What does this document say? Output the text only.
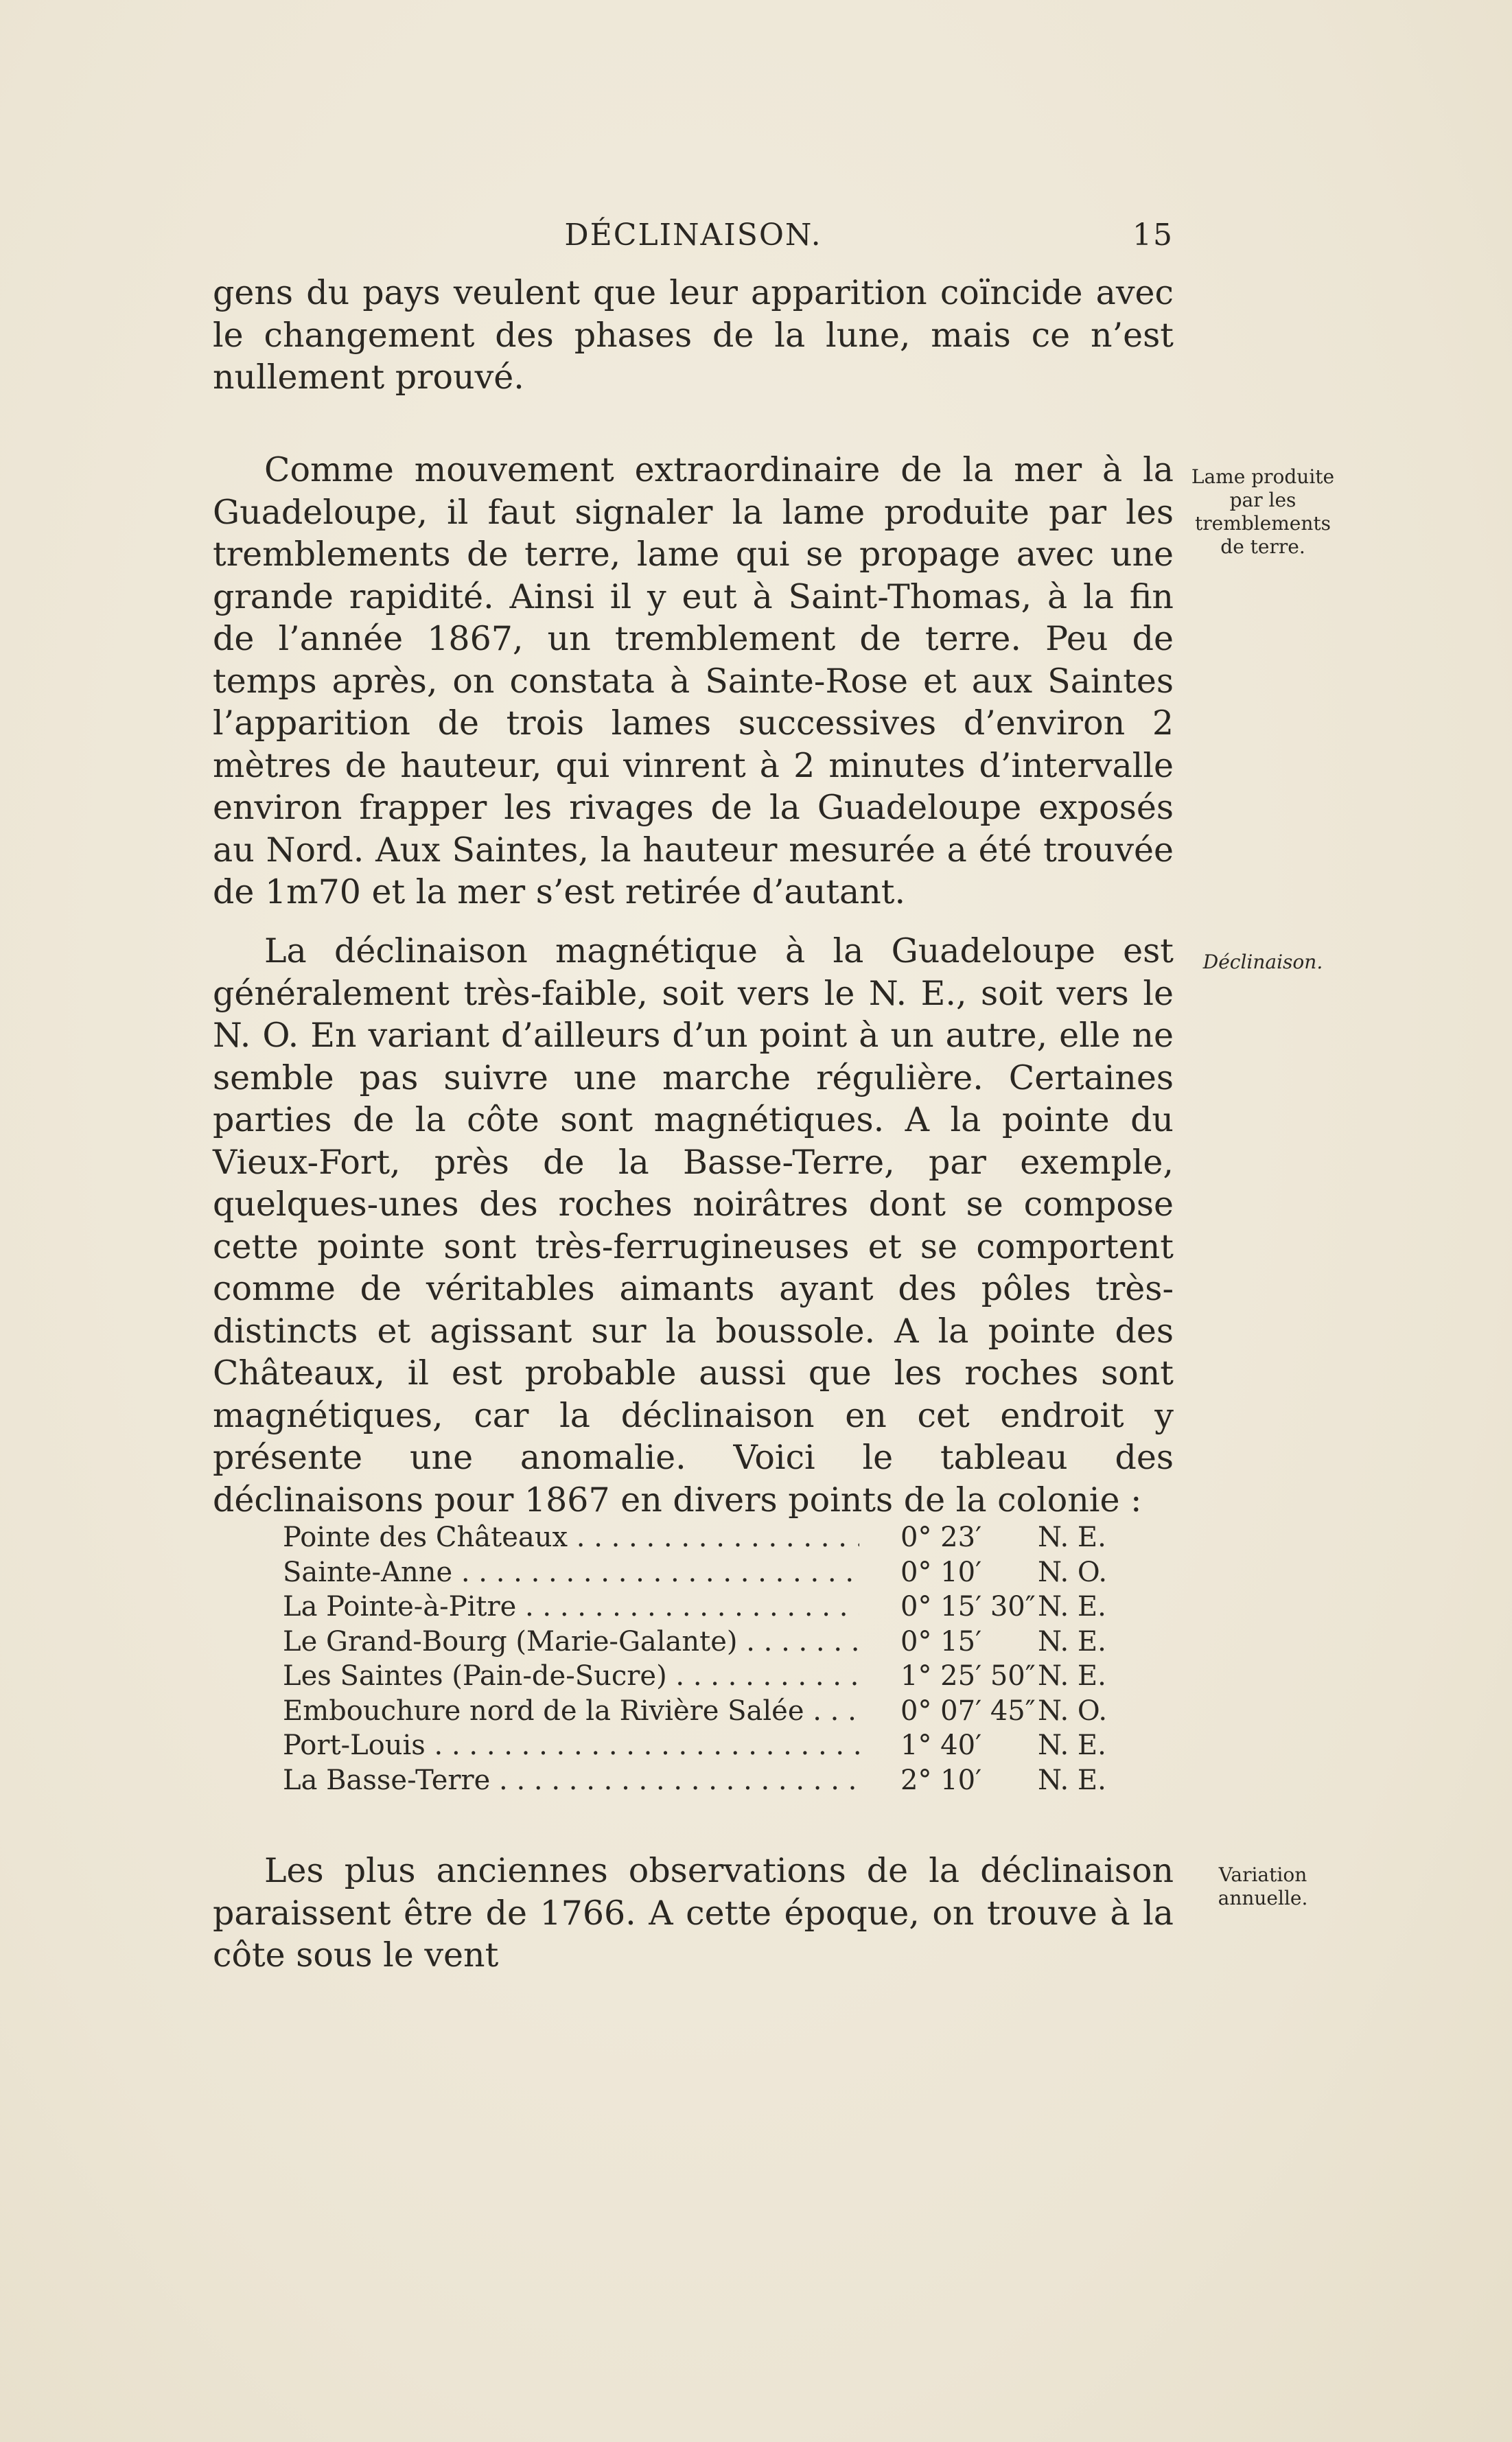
DÉCLINAISON.	15

gens du pays veulent que leur apparition coïncide avec le changement des phases de la lune, mais ce n’est nullement prouvé.

Comme mouvement extraordinaire de la mer à la Guadeloupe, il faut signaler la lame produite par les tremblements de terre, lame qui se propage avec une grande rapidité. Ainsi il y eut à Saint-Thomas, à la fin de l’année 1867, un tremblement de terre. Peu de temps après, on constata à Sainte-Rose et aux Saintes l’apparition de trois lames successives d’environ 2 mètres de hauteur, qui vinrent à 2 minutes d’intervalle environ frapper les rivages de la Guadeloupe exposés au Nord. Aux Saintes, la hauteur mesurée a été trouvée de 1m70 et la mer s’est retirée d’autant.

Lame produite par les tremblements de terre.

La déclinaison magnétique à la Guadeloupe est généralement très-faible, soit vers le N. E., soit vers le N. O. En variant d’ailleurs d’un point à un autre, elle ne semble pas suivre une marche régulière. Certaines parties de la côte sont magnétiques. A la pointe du Vieux-Fort, près de la Basse-Terre, par exemple, quelques-unes des roches noirâtres dont se compose cette pointe sont très-ferrugineuses et se comportent comme de véritables aimants ayant des pôles très-distincts et agissant sur la boussole. A la pointe des Châteaux, il est probable aussi que les roches sont magnétiques, car la déclinaison en cet endroit y présente une anomalie. Voici le tableau des déclinaisons pour 1867 en divers points de la colonie :

Déclinaison.
Pointe des Châteaux . . .	0° 23′	N. E.
Sainte-Anne . . .	0° 10′	N. O.
La Pointe-à-Pitre . . .	0° 15′ 30″ N. E.
Le Grand-Bourg (Marie-Galante) . . .	0° 15′	N. E.
Les Saintes (Pain-de-Sucre) . . .	1° 25′ 50″ N. E.
Embouchure nord de la Rivière Salée . . .	0° 07′ 45″ N. O.
Port-Louis . . .	1° 40′	N. E.
La Basse-Terre . . .	2° 10′	N. E.

Les plus anciennes observations de la déclinaison paraissent être de 1766. A cette époque, on trouve à la côte sous le vent

Variation annuelle.
